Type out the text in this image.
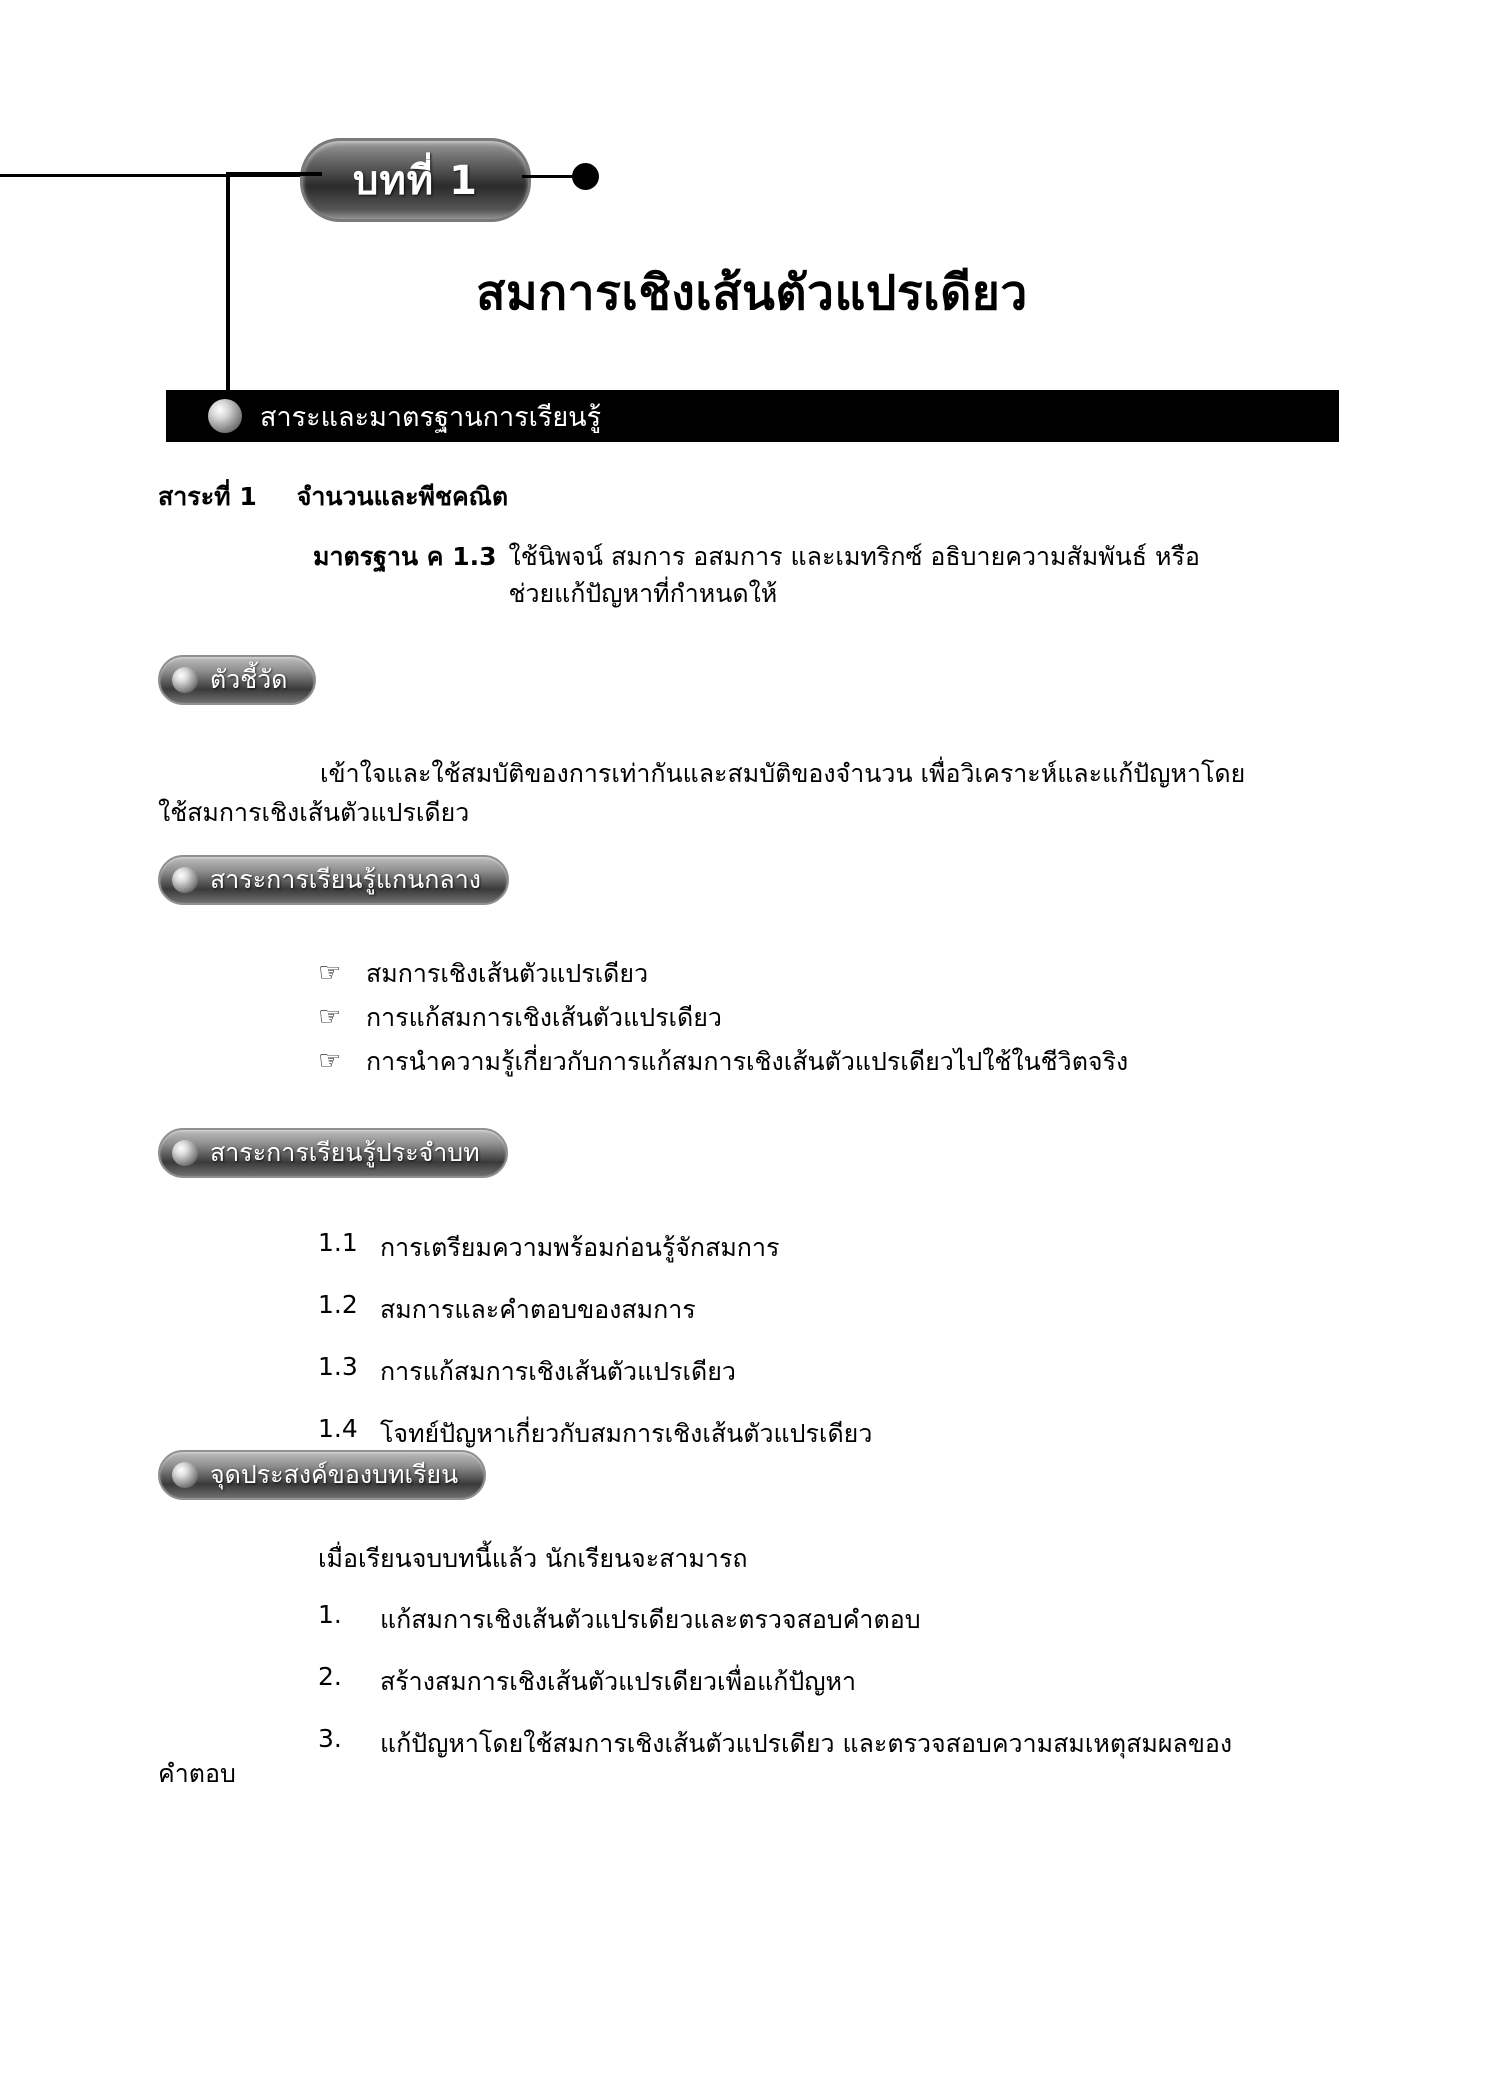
บทที่ 1
สมการเชิงเส้นตัวแปรเดียว
สาระและมาตรฐานการเรียนรู้
สาระที่ 1 จำนวนและพีชคณิต
มาตรฐาน ค 1.3 ใช้นิพจน์ สมการ อสมการ และเมทริกซ์ อธิบายความสัมพันธ์ หรือ
ช่วยแก้ปัญหาที่กำหนดให้
ตัวชี้วัด
เข้าใจและใช้สมบัติของการเท่ากันและสมบัติของจำนวน เพื่อวิเคราะห์และแก้ปัญหาโดย
ใช้สมการเชิงเส้นตัวแปรเดียว
สาระการเรียนรู้แกนกลาง
☞ สมการเชิงเส้นตัวแปรเดียว
☞ การแก้สมการเชิงเส้นตัวแปรเดียว
☞ การนำความรู้เกี่ยวกับการแก้สมการเชิงเส้นตัวแปรเดียวไปใช้ในชีวิตจริง
สาระการเรียนรู้ประจำบท
1.1 การเตรียมความพร้อมก่อนรู้จักสมการ
1.2 สมการและคำตอบของสมการ
1.3 การแก้สมการเชิงเส้นตัวแปรเดียว
1.4 โจทย์ปัญหาเกี่ยวกับสมการเชิงเส้นตัวแปรเดียว
จุดประสงค์ของบทเรียน
เมื่อเรียนจบบทนี้แล้ว นักเรียนจะสามารถ
1.	แก้สมการเชิงเส้นตัวแปรเดียวและตรวจสอบคำตอบ
2.	สร้างสมการเชิงเส้นตัวแปรเดียวเพื่อแก้ปัญหา
3.	แก้ปัญหาโดยใช้สมการเชิงเส้นตัวแปรเดียว และตรวจสอบความสมเหตุสมผลของ
คำตอบ
